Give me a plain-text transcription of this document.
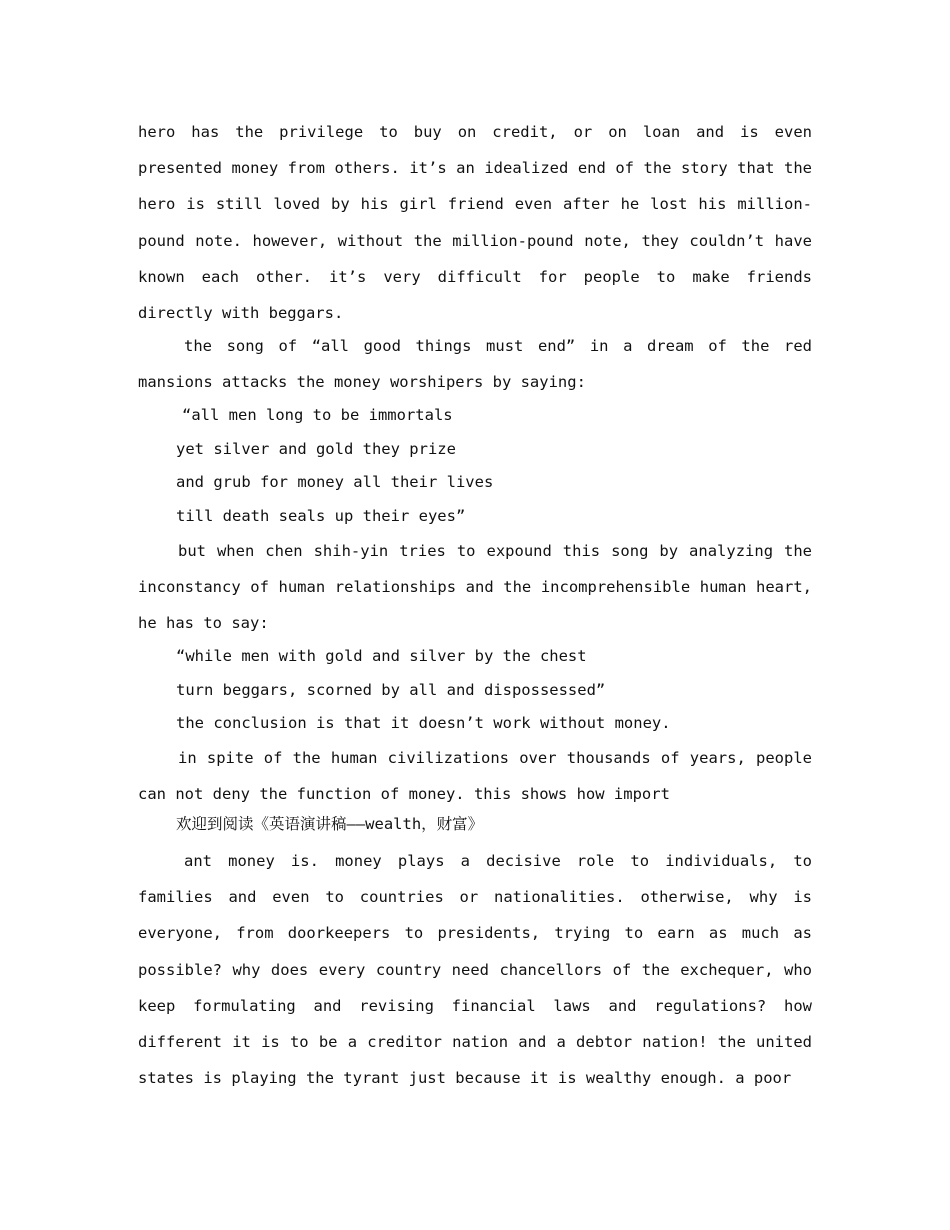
hero has the privilege to buy on credit, or on loan and is even presented money from others. it’s an idealized end of the story that the hero is still loved by his girl friend even after he lost his million-pound note. however, without the million-pound note, they couldn’t have known each other. it’s very difficult for people to make friends directly with beggars.

the song of “all good things must end” in a dream of the red mansions attacks the money worshipers by saying:

“all men long to be immortals
yet silver and gold they prize
and grub for money all their lives
till death seals up their eyes”

but when chen shih-yin tries to expound this song by analyzing the inconstancy of human relationships and the incomprehensible human heart, he has to say:

“while men with gold and silver by the chest
turn beggars, scorned by all and dispossessed”

the conclusion is that it doesn’t work without money.

in spite of the human civilizations over thousands of years, people can not deny the function of money. this shows how import

欢迎到阅读《英语演讲稿——wealth，财富》

ant money is. money plays a decisive role to individuals, to families and even to countries or nationalities. otherwise, why is everyone, from doorkeepers to presidents, trying to earn as much as possible? why does every country need chancellors of the exchequer, who keep formulating and revising financial laws and regulations? how different it is to be a creditor nation and a debtor nation! the united states is playing the tyrant just because it is wealthy enough. a poor
